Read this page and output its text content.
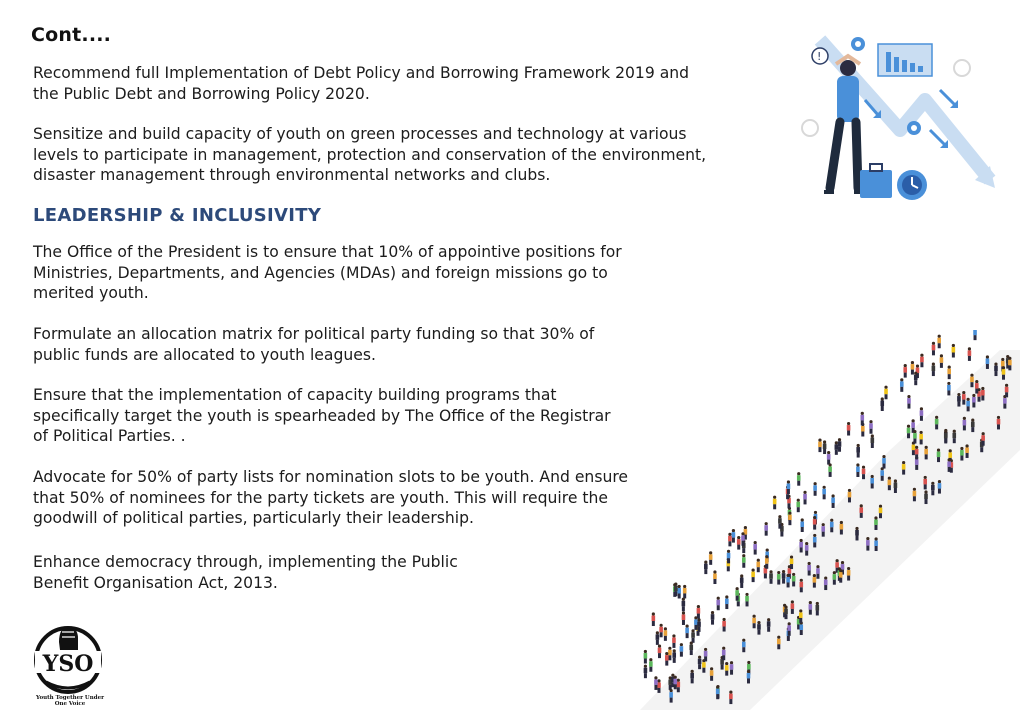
Cont....

Recommend full Implementation of Debt Policy and Borrowing Framework 2019 and
the Public Debt and Borrowing Policy 2020.

Sensitize and build capacity of youth on green processes and technology at various
levels to participate in management, protection and conservation of the environment,
disaster management through environmental networks and clubs.

LEADERSHIP & INCLUSIVITY

The Office of the President is to ensure that 10% of appointive positions for
Ministries, Departments, and Agencies (MDAs) and foreign missions go to
merited youth.

Formulate an allocation matrix for political party funding so that 30% of
public funds are allocated to youth leagues.

Ensure that the implementation of capacity building programs that
specifically target the youth is spearheaded by The Office of the Registrar
of Political Parties. .

Advocate for 50% of party lists for nomination slots to be youth. And ensure
that 50% of nominees for the party tickets are youth. This will require the
goodwill of political parties, particularly their leadership.

Enhance democracy through, implementing the Public
Benefit Organisation Act, 2013.

!
YSO
Youth Together Under One Voice
